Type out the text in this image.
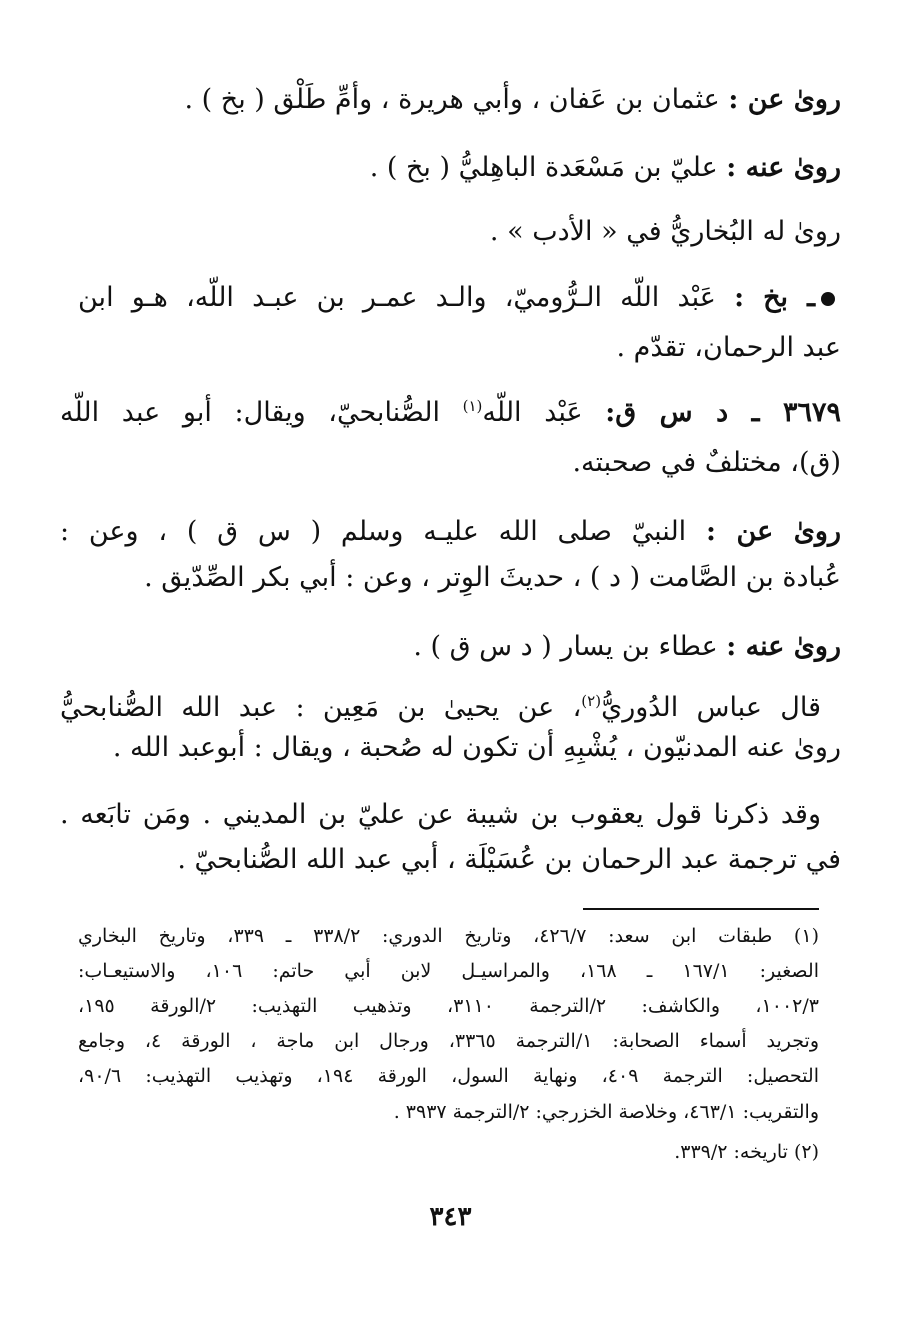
روىٰ عن : عثمان بن عَفان ، وأبي هريرة ، وأمِّ طَلْق ( بخ ) .
روىٰ عنه : عليّ بن مَسْعَدة الباهِليُّ ( بخ ) .
روىٰ له البُخاريُّ في « الأدب » .
ـ بخ : عَبْد اللّه الـرُّوميّ، والـد عمـر بن عبـد اللّه، هـو ابن
عبد الرحمان، تقدّم .
٣٦٧٩ ـ د س ق: عَبْد اللّه$^{(١)}$ الصُّنابحيّ، ويقال: أبو عبد اللّه
(ق)، مختلفٌ في صحبته.
روىٰ عن : النبيّ صلى الله عليـه وسلم ( س ق ) ، وعن :
عُبادة بن الصَّامت ( د ) ، حديثَ الوِتر ، وعن : أبي بكر الصِّدّيق .
روىٰ عنه : عطاء بن يسار ( د س ق ) .
قال عباس الدُوريُّ$^{(٢)}$، عن يحيىٰ بن مَعِين : عبد الله الصُّنابحيُّ
روىٰ عنه المدنيّون ، يُشْبِهِ أن تكون له صُحبة ، ويقال : أبوعبد الله .
وقد ذكرنا قول يعقوب بن شيبة عن عليّ بن المديني . ومَن تابَعه .
في ترجمة عبد الرحمان بن عُسَيْلَة ، أبي عبد الله الصُّنابحيّ .
(١) طبقات ابن سعد: ٤٢٦/٧، وتاريخ الدوري: ٣٣٨/٢ ـ ٣٣٩، وتاريخ البخاري
الصغير: ١٦٧/١ ـ ١٦٨، والمراسيـل لابن أبي حاتم: ١٠٦، والاستيعـاب:
١٠٠٢/٣، والكاشف: ٢/الترجمة ٣١١٠، وتذهيب التهذيب: ٢/الورقة ١٩٥،
وتجريد أسماء الصحابة: ١/الترجمة ٣٣٦٥، ورجال ابن ماجة ، الورقة ٤، وجامع
التحصيل: الترجمة ٤٠٩، ونهاية السول، الورقة ١٩٤، وتهذيب التهذيب: ٩٠/٦،
والتقريب: ٤٦٣/١، وخلاصة الخزرجي: ٢/الترجمة ٣٩٣٧ .
(٢) تاريخه: ٣٣٩/٢.
٣٤٣
